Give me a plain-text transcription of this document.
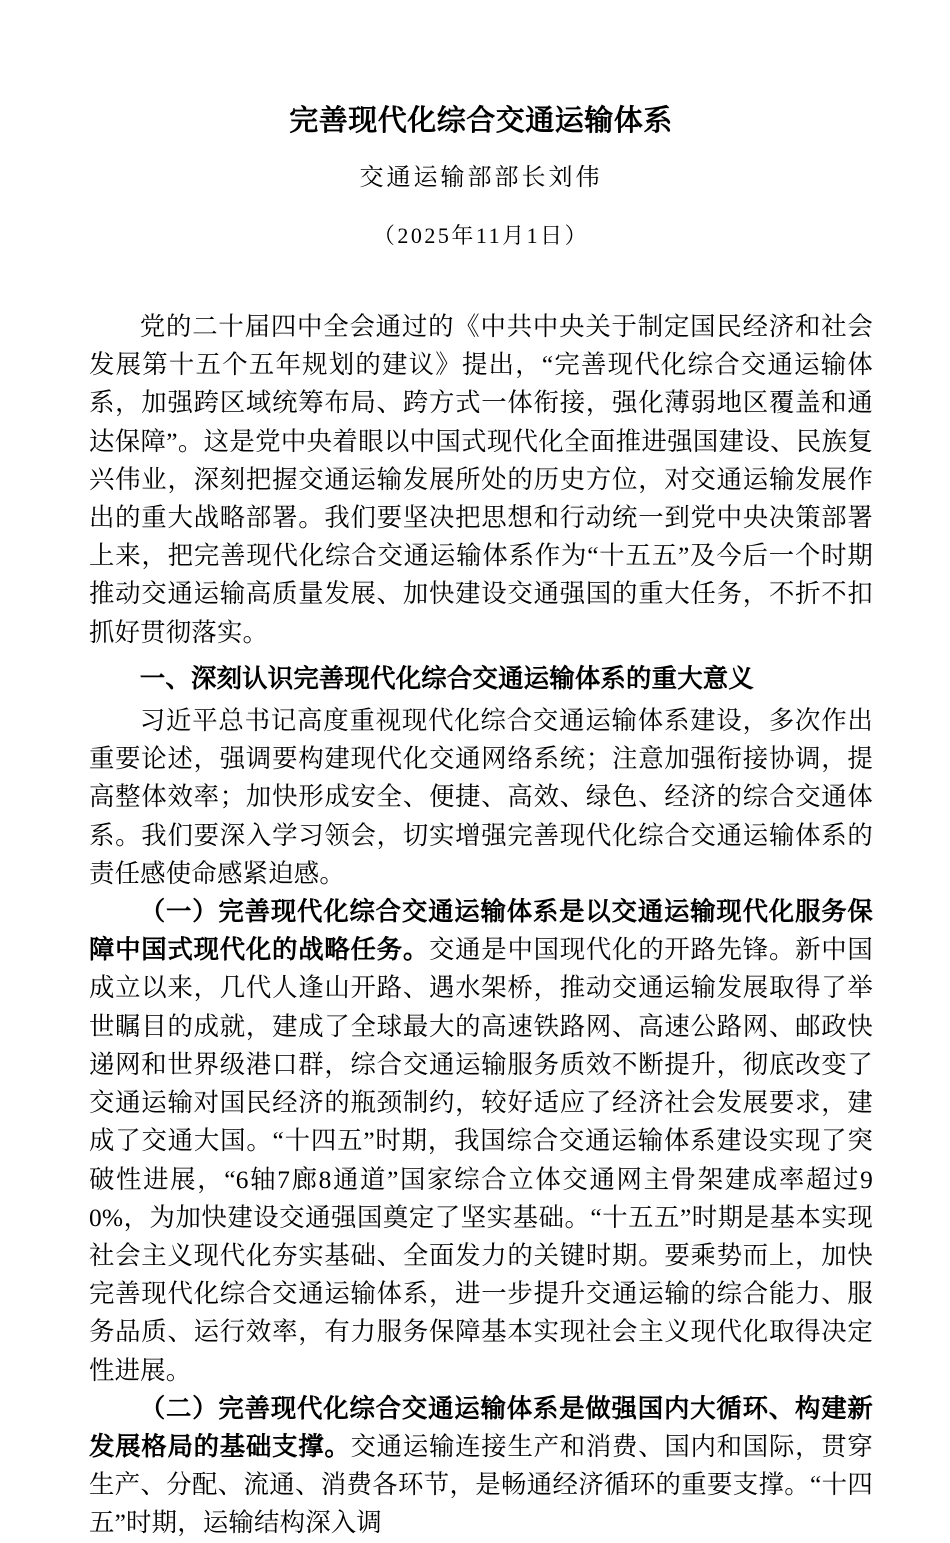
完善现代化综合交通运输体系

交通运输部部长刘伟

（2025年11月1日）

党的二十届四中全会通过的《中共中央关于制定国民经济和社会发展第十五个五年规划的建议》提出，“完善现代化综合交通运输体系，加强跨区域统筹布局、跨方式一体衔接，强化薄弱地区覆盖和通达保障”。这是党中央着眼以中国式现代化全面推进强国建设、民族复兴伟业，深刻把握交通运输发展所处的历史方位，对交通运输发展作出的重大战略部署。我们要坚决把思想和行动统一到党中央决策部署上来，把完善现代化综合交通运输体系作为“十五五”及今后一个时期推动交通运输高质量发展、加快建设交通强国的重大任务，不折不扣抓好贯彻落实。

一、深刻认识完善现代化综合交通运输体系的重大意义

习近平总书记高度重视现代化综合交通运输体系建设，多次作出重要论述，强调要构建现代化交通网络系统；注意加强衔接协调，提高整体效率；加快形成安全、便捷、高效、绿色、经济的综合交通体系。我们要深入学习领会，切实增强完善现代化综合交通运输体系的责任感使命感紧迫感。

（一）完善现代化综合交通运输体系是以交通运输现代化服务保障中国式现代化的战略任务。交通是中国现代化的开路先锋。新中国成立以来，几代人逢山开路、遇水架桥，推动交通运输发展取得了举世瞩目的成就，建成了全球最大的高速铁路网、高速公路网、邮政快递网和世界级港口群，综合交通运输服务质效不断提升，彻底改变了交通运输对国民经济的瓶颈制约，较好适应了经济社会发展要求，建成了交通大国。“十四五”时期，我国综合交通运输体系建设实现了突破性进展，“6轴7廊8通道”国家综合立体交通网主骨架建成率超过90%，为加快建设交通强国奠定了坚实基础。“十五五”时期是基本实现社会主义现代化夯实基础、全面发力的关键时期。要乘势而上，加快完善现代化综合交通运输体系，进一步提升交通运输的综合能力、服务品质、运行效率，有力服务保障基本实现社会主义现代化取得决定性进展。

（二）完善现代化综合交通运输体系是做强国内大循环、构建新发展格局的基础支撑。交通运输连接生产和消费、国内和国际，贯穿生产、分配、流通、消费各环节，是畅通经济循环的重要支撑。“十四五”时期，运输结构深入调
